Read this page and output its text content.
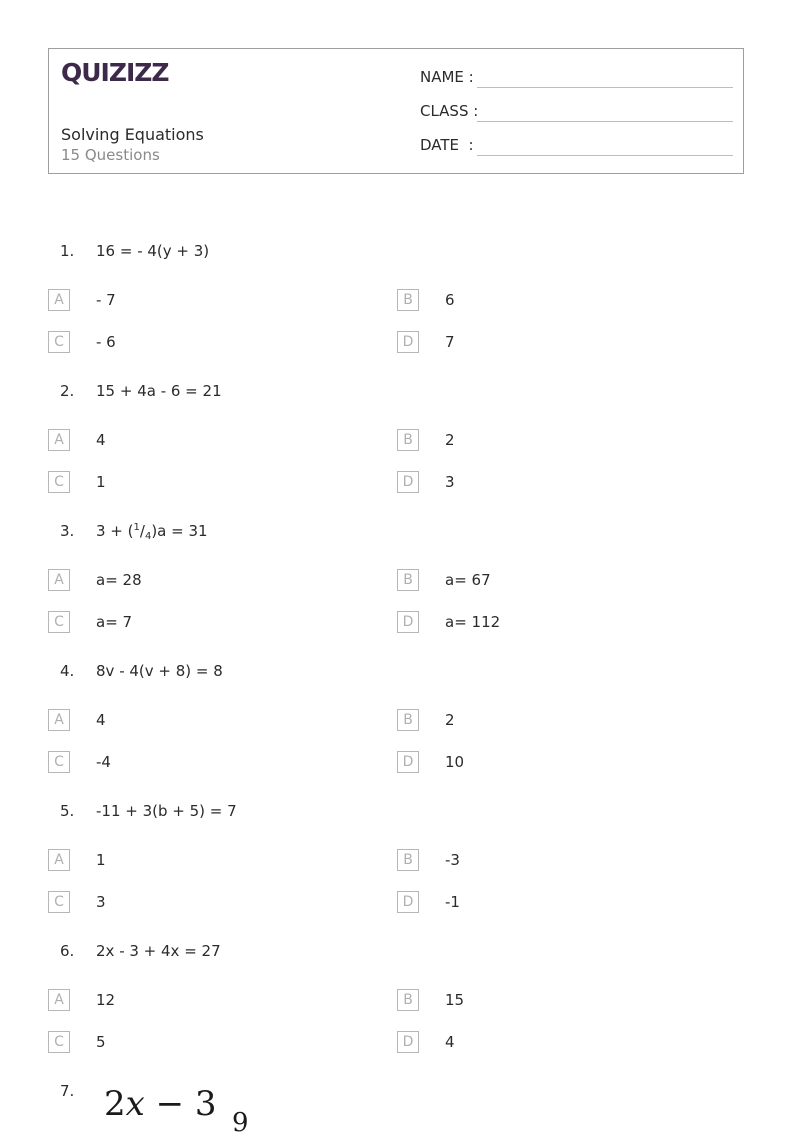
QUIZIZZ
Solving Equations
15 Questions
NAME :
CLASS :
DATE  :
1. 16 = - 4(y + 3)
A	- 7	B	6
C	- 6	D	7
2. 15 + 4a - 6 = 21
A	4	B	2
C	1	D	3
3. $3 + (^1/_4)a = 31$
A	a= 28	B	a= 67
C	a= 7	D	a= 112
4. 8v - 4(v + 8) = 8
A	4	B	2
C	-4	D	10
5. -11 + 3(b + 5) = 7
A	1	B	-3
C	3	D	-1
6. 2x - 3 + 4x = 27
A	12	B	15
C	5	D	4
7. 2x − 3 9
